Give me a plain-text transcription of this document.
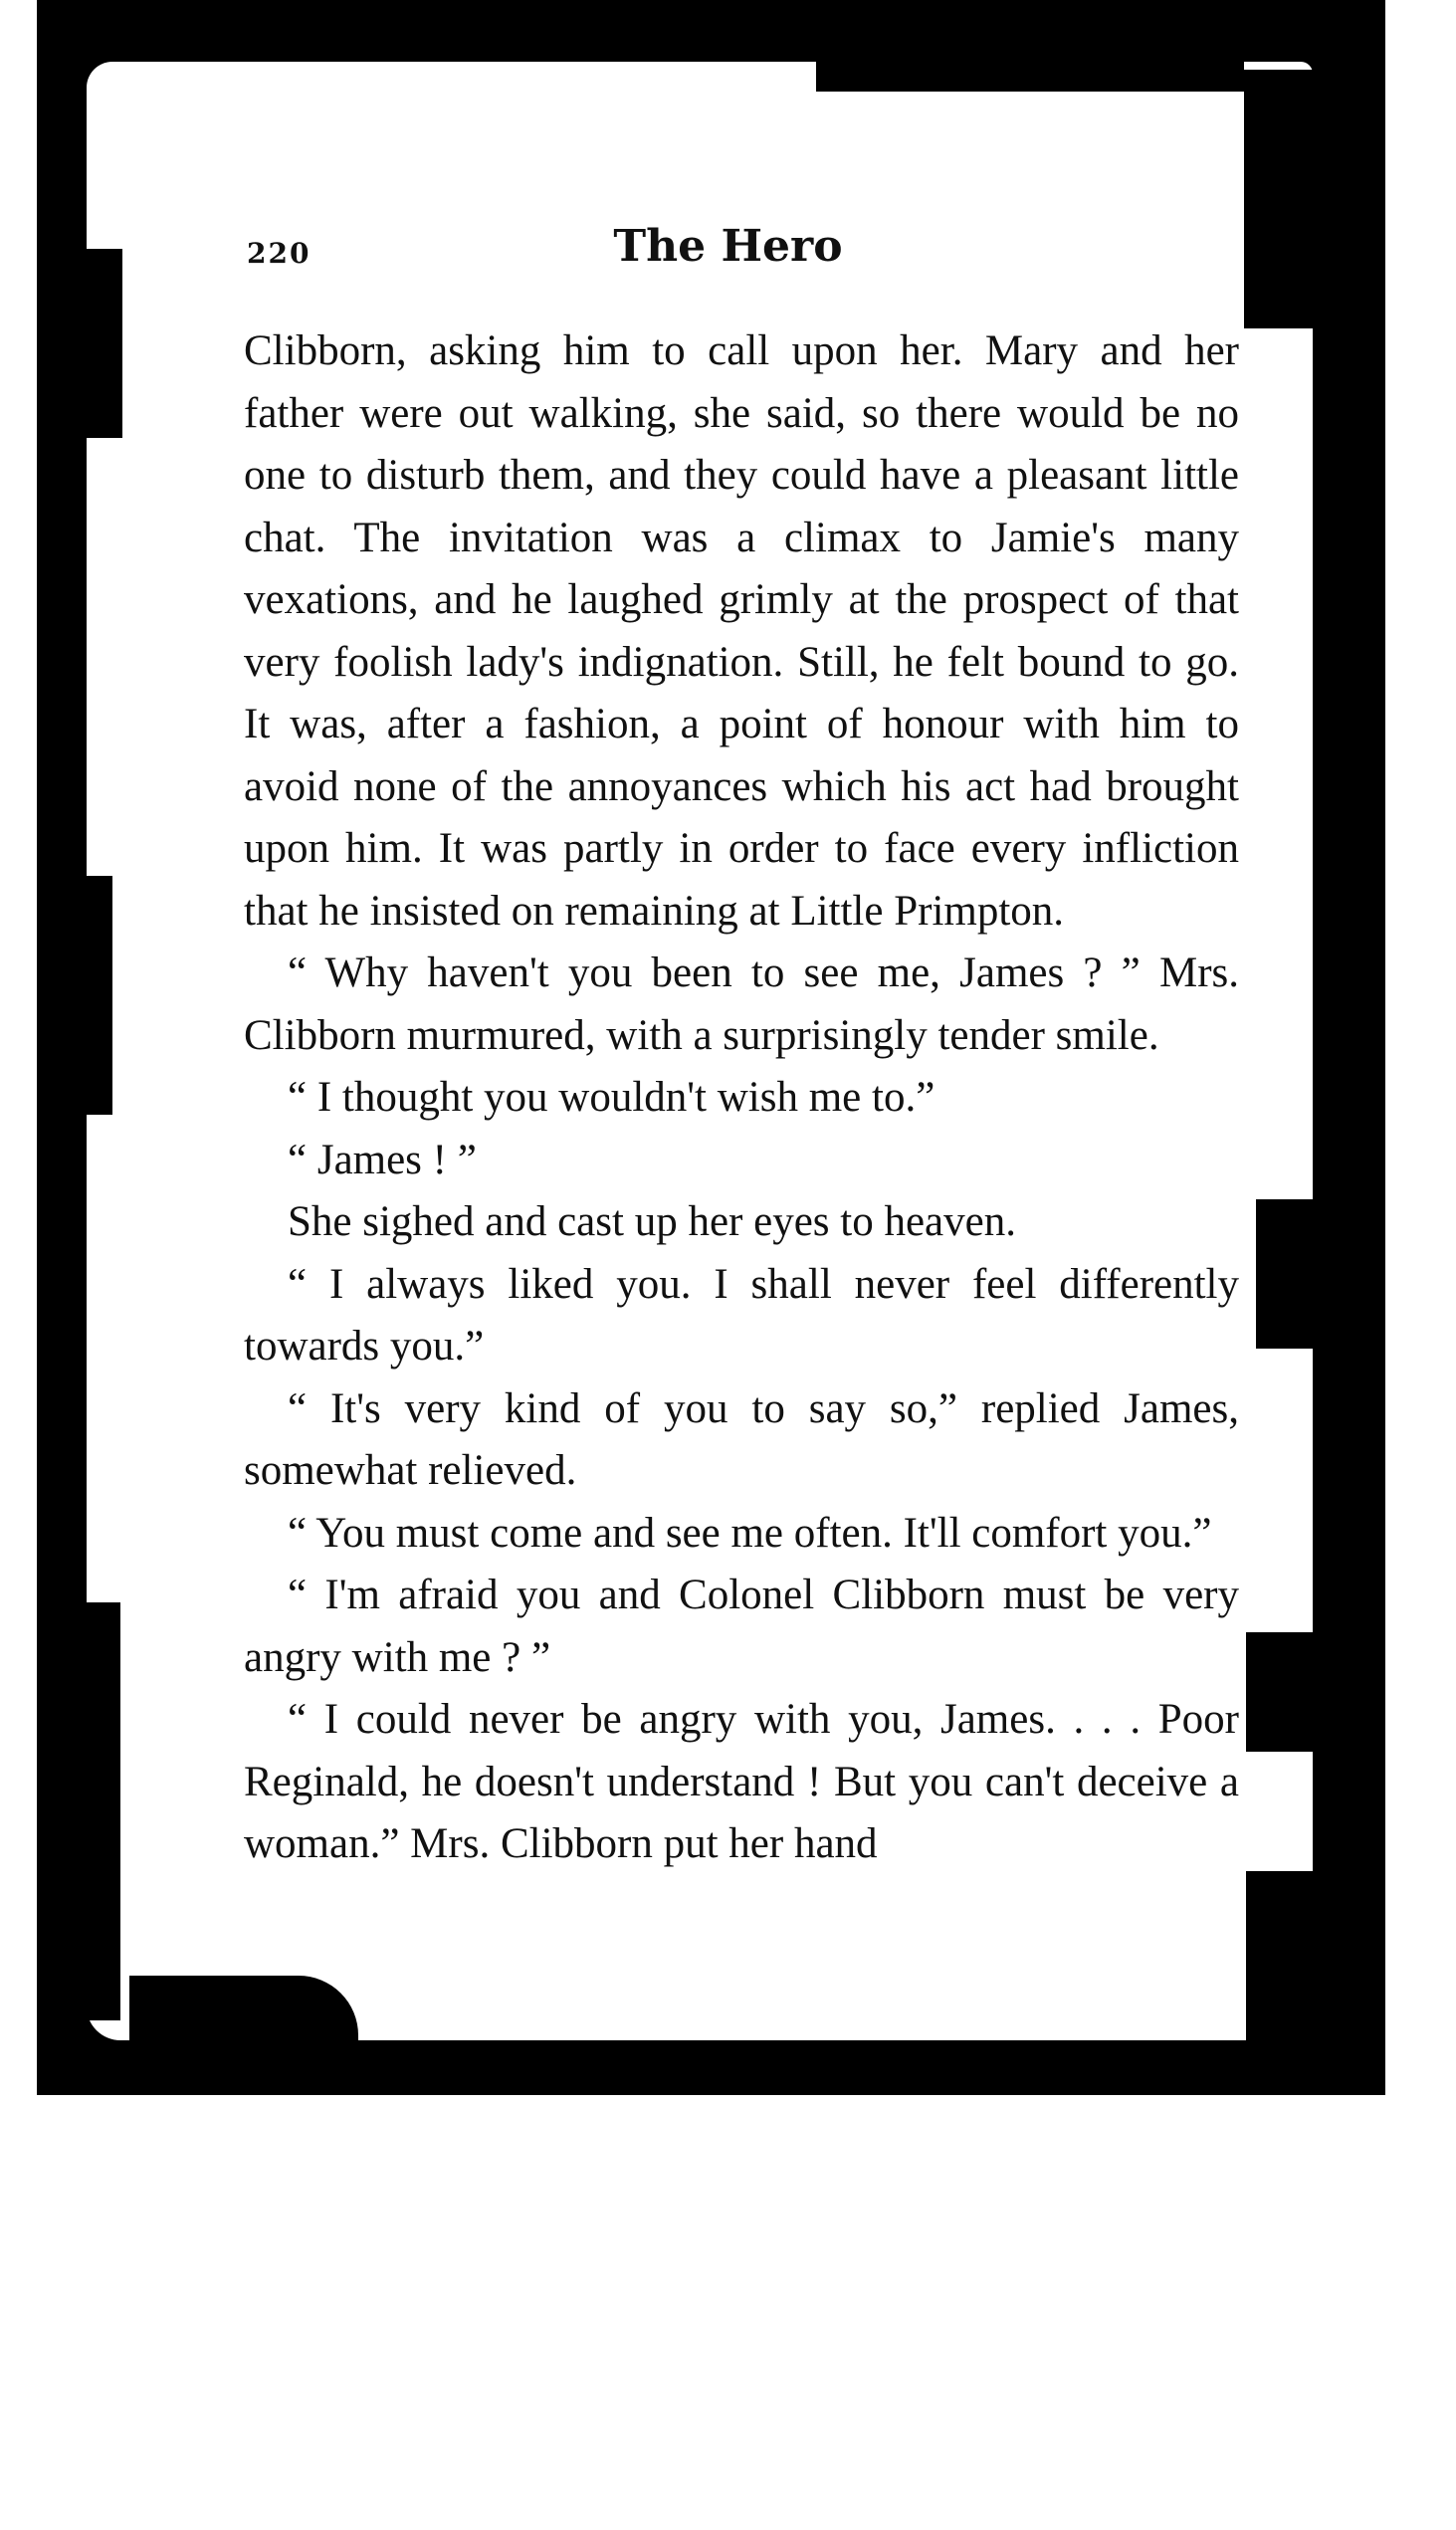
220	The Hero

Clibborn, asking him to call upon her. Mary and her father were out walking, she said, so there would be no one to disturb them, and they could have a pleasant little chat. The invitation was a climax to Jamie's many vexations, and he laughed grimly at the prospect of that very foolish lady's indignation. Still, he felt bound to go. It was, after a fashion, a point of honour with him to avoid none of the annoyances which his act had brought upon him. It was partly in order to face every infliction that he insisted on remaining at Little Primpton.

“ Why haven't you been to see me, James ? ” Mrs. Clibborn murmured, with a surprisingly tender smile.

“ I thought you wouldn't wish me to.”

“ James ! ”

She sighed and cast up her eyes to heaven.

“ I always liked you. I shall never feel differently towards you.”

“ It's very kind of you to say so,” replied James, somewhat relieved.

“ You must come and see me often. It'll comfort you.”

“ I'm afraid you and Colonel Clibborn must be very angry with me ? ”

“ I could never be angry with you, James. . . . Poor Reginald, he doesn't understand ! But you can't deceive a woman.” Mrs. Clibborn put her hand
